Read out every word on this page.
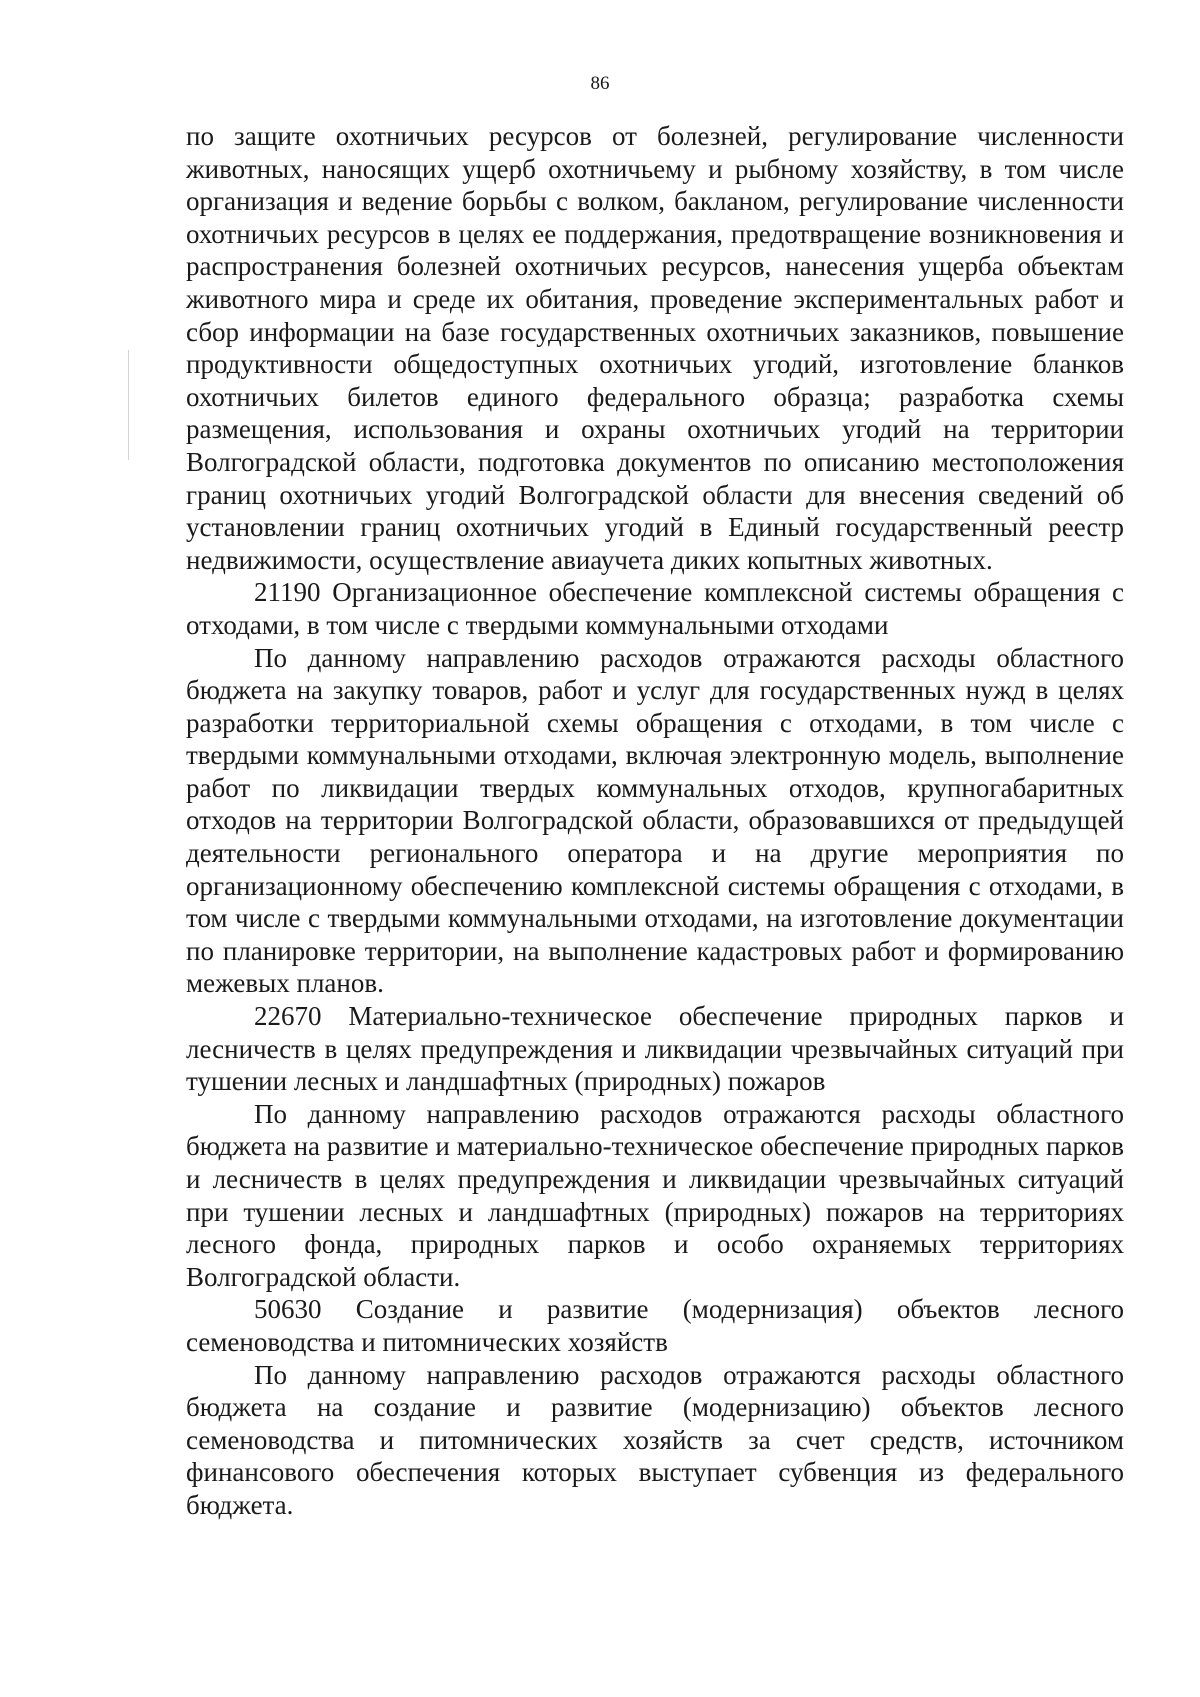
86

по защите охотничьих ресурсов от болезней, регулирование численности животных, наносящих ущерб охотничьему и рыбному хозяйству, в том числе организация и ведение борьбы с волком, бакланом, регулирование численности охотничьих ресурсов в целях ее поддержания, предотвращение возникновения и распространения болезней охотничьих ресурсов, нанесения ущерба объектам животного мира и среде их обитания, проведение экспериментальных работ и сбор информации на базе государственных охотничьих заказников, повышение продуктивности общедоступных охотничьих угодий, изготовление бланков охотничьих билетов единого федерального образца; разработка схемы размещения, использования и охраны охотничьих угодий на территории Волгоградской области, подготовка документов по описанию местоположения границ охотничьих угодий Волгоградской области для внесения сведений об установлении границ охотничьих угодий в Единый государственный реестр недвижимости, осуществление авиаучета диких копытных животных.

21190 Организационное обеспечение комплексной системы обращения с отходами, в том числе с твердыми коммунальными отходами

По данному направлению расходов отражаются расходы областного бюджета на закупку товаров, работ и услуг для государственных нужд в целях разработки территориальной схемы обращения с отходами, в том числе с твердыми коммунальными отходами, включая электронную модель, выполнение работ по ликвидации твердых коммунальных отходов, крупногабаритных отходов на территории Волгоградской области, образовавшихся от предыдущей деятельности регионального оператора и на другие мероприятия по организационному обеспечению комплексной системы обращения с отходами, в том числе с твердыми коммунальными отходами, на изготовление документации по планировке территории, на выполнение кадастровых работ и формированию межевых планов.

22670 Материально-техническое обеспечение природных парков и лесничеств в целях предупреждения и ликвидации чрезвычайных ситуаций при тушении лесных и ландшафтных (природных) пожаров

По данному направлению расходов отражаются расходы областного бюджета на развитие и материально-техническое обеспечение природных парков и лесничеств в целях предупреждения и ликвидации чрезвычайных ситуаций при тушении лесных и ландшафтных (природных) пожаров на территориях лесного фонда, природных парков и особо охраняемых территориях Волгоградской области.

50630 Создание и развитие (модернизация) объектов лесного семеноводства и питомнических хозяйств

По данному направлению расходов отражаются расходы областного бюджета на создание и развитие (модернизацию) объектов лесного семеноводства и питомнических хозяйств за счет средств, источником финансового обеспечения которых выступает субвенция из федерального бюджета.
